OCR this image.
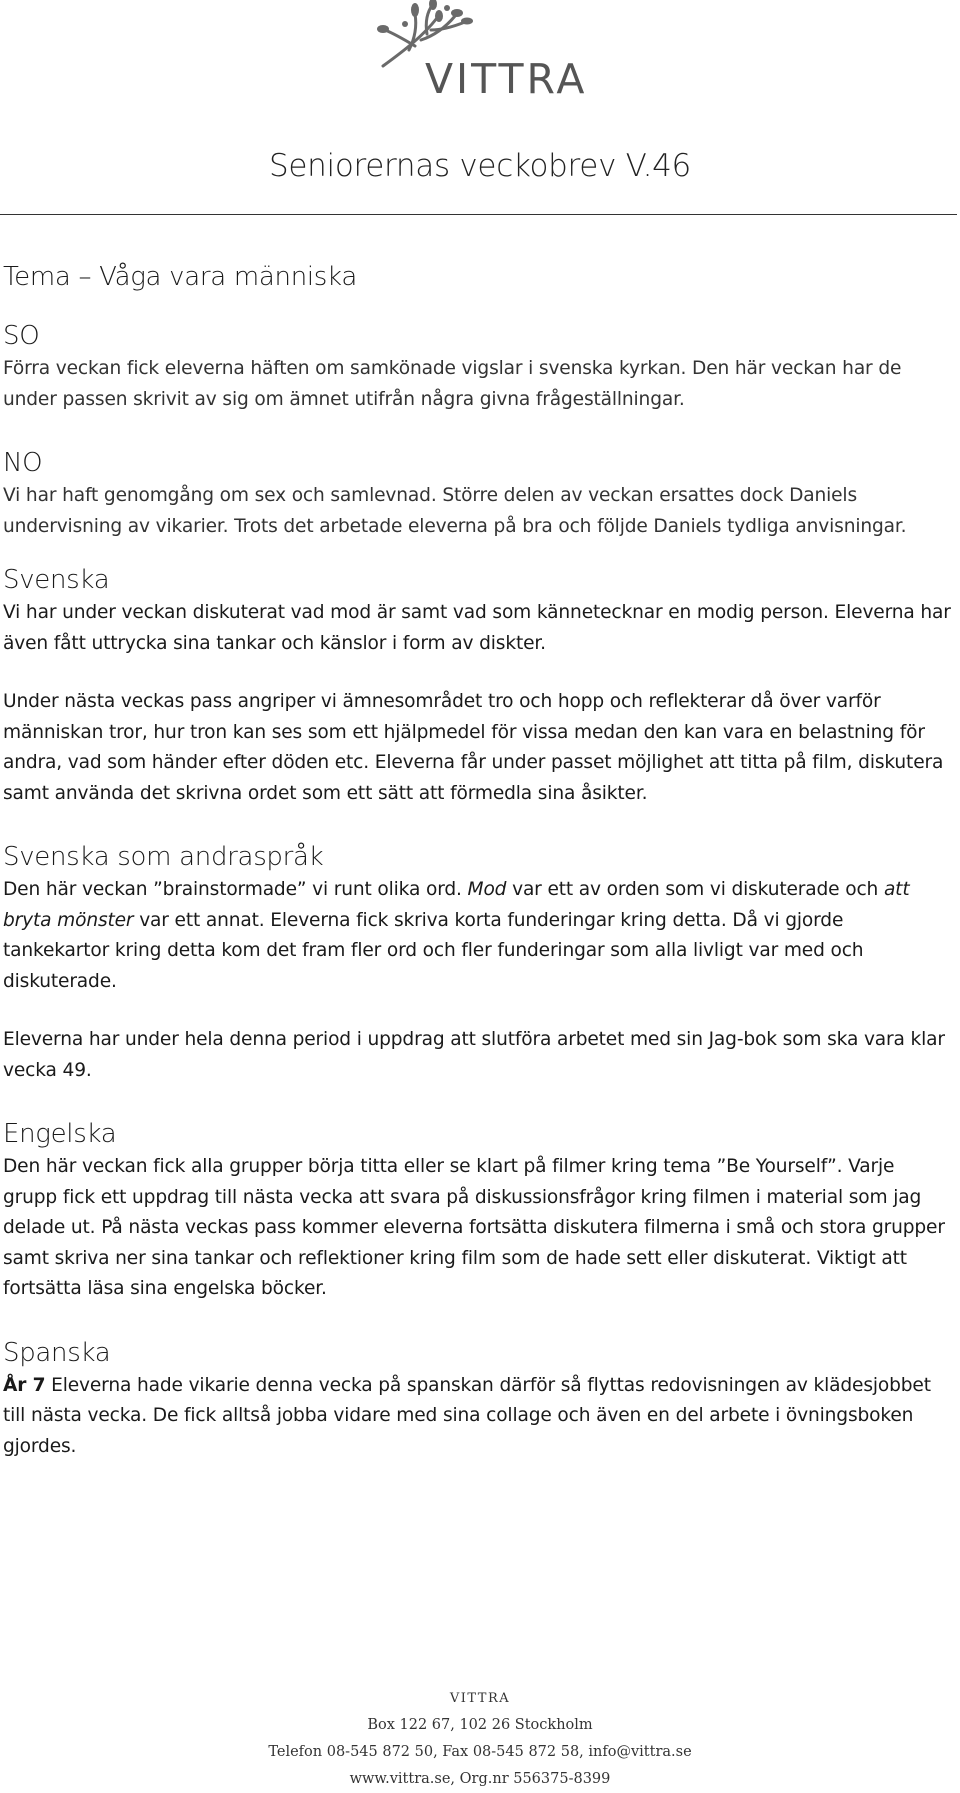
VITTRA
Seniorernas veckobrev V.46
Tema – Våga vara människa
SO

Förra veckan fick eleverna häften om samkönade vigslar i svenska kyrkan. Den här veckan har de under passen skrivit av sig om ämnet utifrån några givna frågeställningar.

NO

Vi har haft genomgång om sex och samlevnad. Större delen av veckan ersattes dock Daniels undervisning av vikarier. Trots det arbetade eleverna på bra och följde Daniels tydliga anvisningar.

Svenska

Vi har under veckan diskuterat vad mod är samt vad som kännetecknar en modig person. Eleverna har även fått uttrycka sina tankar och känslor i form av diskter.

Under nästa veckas pass angriper vi ämnesområdet tro och hopp och reflekterar då över varför människan tror, hur tron kan ses som ett hjälpmedel för vissa medan den kan vara en belastning för andra, vad som händer efter döden etc. Eleverna får under passet möjlighet att titta på film, diskutera samt använda det skrivna ordet som ett sätt att förmedla sina åsikter.

Svenska som andraspråk

Den här veckan ”brainstormade” vi runt olika ord. Mod var ett av orden som vi diskuterade och att bryta mönster var ett annat. Eleverna fick skriva korta funderingar kring detta. Då vi gjorde tankekartor kring detta kom det fram fler ord och fler funderingar som alla livligt var med och diskuterade.

Eleverna har under hela denna period i uppdrag att slutföra arbetet med sin Jag-bok som ska vara klar vecka 49.

Engelska

Den här veckan fick alla grupper börja titta eller se klart på filmer kring tema ”Be Yourself”. Varje grupp fick ett uppdrag till nästa vecka att svara på diskussionsfrågor kring filmen i material som jag delade ut. På nästa veckas pass kommer eleverna fortsätta diskutera filmerna i små och stora grupper samt skriva ner sina tankar och reflektioner kring film som de hade sett eller diskuterat. Viktigt att fortsätta läsa sina engelska böcker.

Spanska

År 7 Eleverna hade vikarie denna vecka på spanskan därför så flyttas redovisningen av klädesjobbet till nästa vecka. De fick alltså jobba vidare med sina collage och även en del arbete i övningsboken gjordes.

VITTRA
Box 122 67, 102 26 Stockholm
Telefon 08-545 872 50, Fax 08-545 872 58, info@vittra.se
www.vittra.se, Org.nr 556375-8399
